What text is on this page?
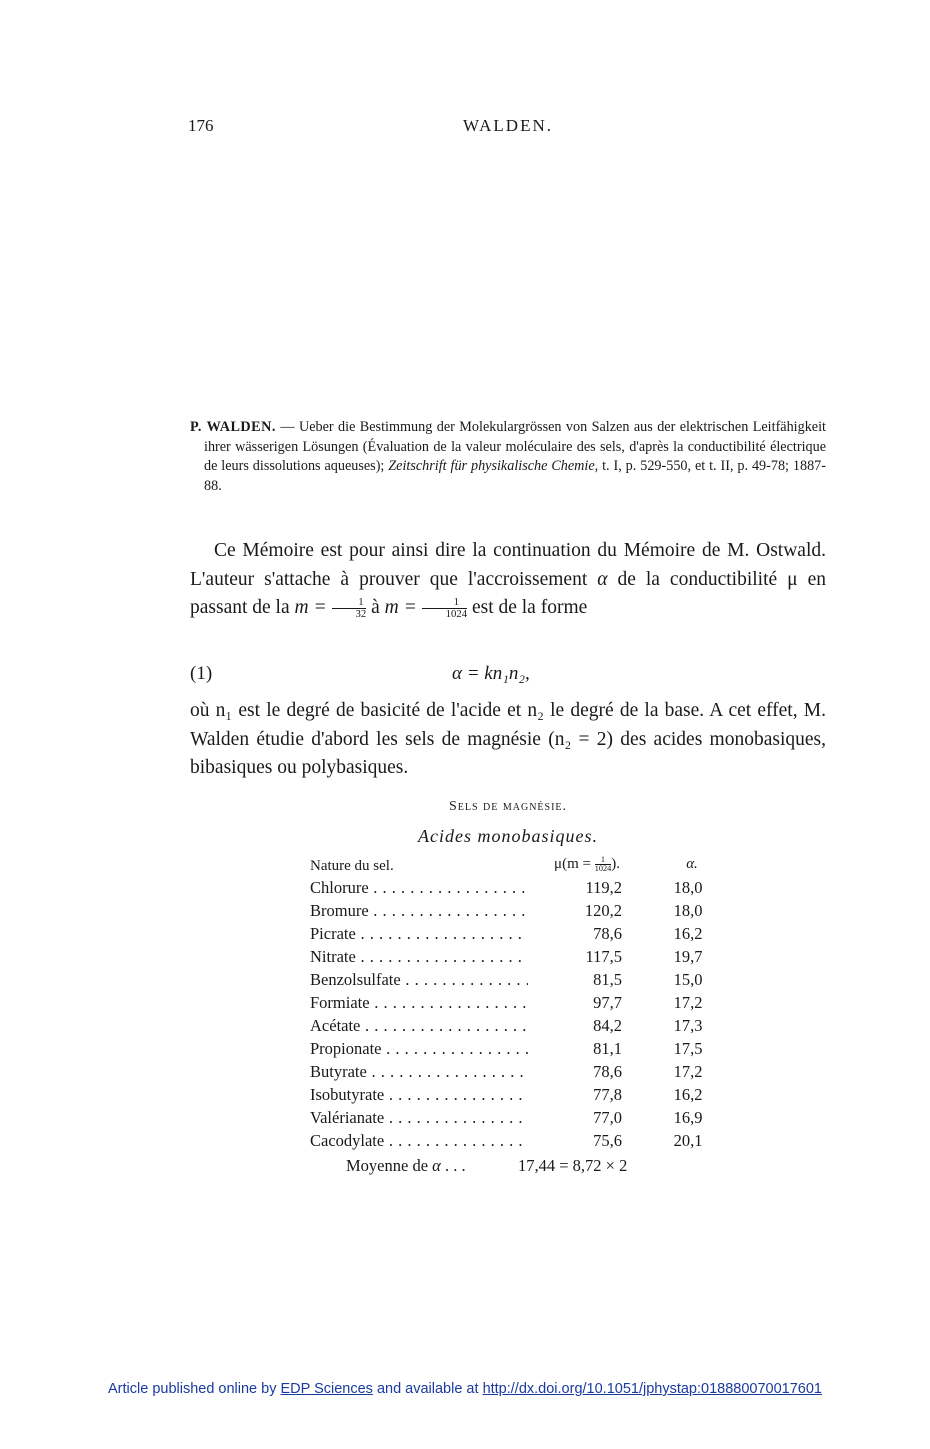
176	WALDEN.
P. WALDEN. — Ueber die Bestimmung der Molekulargrössen von Salzen aus der elektrischen Leitfähigkeit ihrer wässerigen Lösungen (Évaluation de la valeur moléculaire des sels, d'après la conductibilité électrique de leurs dissolutions aqueuses); Zeitschrift für physikalische Chemie, t. I, p. 529-550, et t. II, p. 49-78; 1887-88.

Ce Mémoire est pour ainsi dire la continuation du Mémoire de M. Ostwald. L'auteur s'attache à prouver que l'accroissement α de la conductibilité μ en passant de la $m = \frac{1}{32}$ à $m = \frac{1}{1024}$ est de la forme

(1)	α = kn₁n₂,

où n₁ est le degré de basicité de l'acide et n₂ le degré de la base. A cet effet, M. Walden étudie d'abord les sels de magnésie (n₂ = 2) des acides monobasiques, bibasiques ou polybasiques.

Sels de magnésie.
Acides monobasiques.
Nature du sel.	$\mu(m = \frac{1}{1024}$ ).	α.
Chlorure . . .	119,2	18,0
Bromure . . .	120,2	18,0
Picrate . . .	78,6	16,2
Nitrate . . .	117,5	19,7
Benzolsulfate . . .	81,5	15,0
Formiate . . .	97,7	17,2
Acétate . . .	84,2	17,3
Propionate . . .	81,1	17,5
Butyrate . . .	78,6	17,2
Isobutyrate . . .	77,8	16,2
Valérianate . . .	77,0	16,9
Cacodylate . . .	75,6	20,1
Moyenne de α . . .	17,44 = 8,72 × 2
Article published online by EDP Sciences and available at http://dx.doi.org/10.1051/jphystap:018880070017601
